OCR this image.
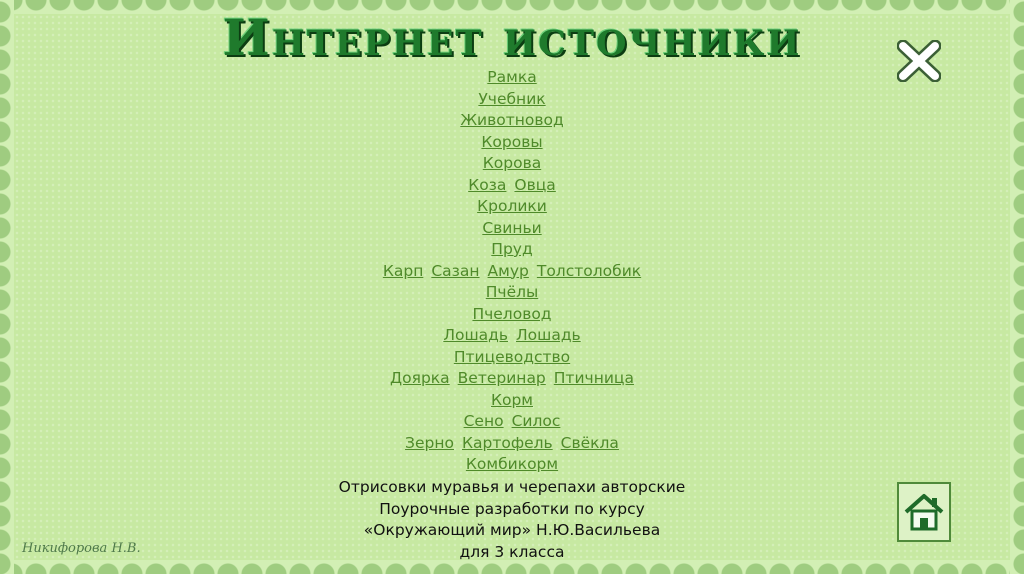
Интернет источники
Рамка
Учебник
Животновод
Коровы
Корова
Коза Овца
Кролики
Свиньи
Пруд
Карп Сазан Амур Толстолобик
Пчёлы
Пчеловод
Лошадь Лошадь
Птицеводство
Доярка Ветеринар Птичница
Корм
Сено Силос
Зерно Картофель Свёкла
Комбикорм
Отрисовки муравья и черепахи авторские
Поурочные разработки по курсу
«Окружающий мир» Н.Ю.Васильева
для 3 класса
Никифорова Н.В.
